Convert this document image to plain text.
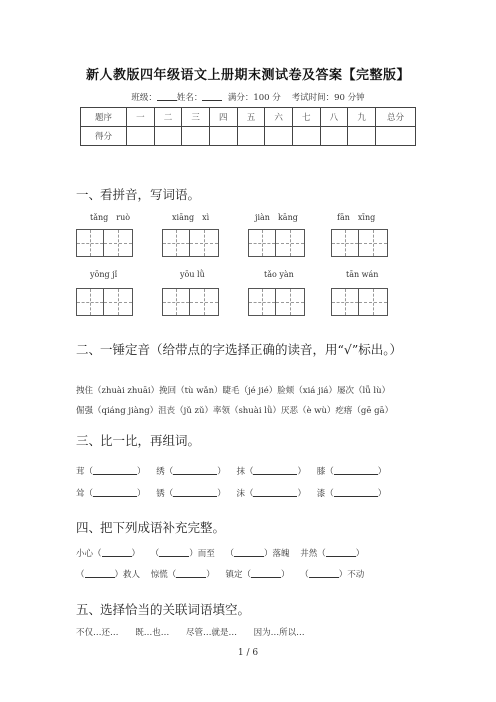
新人教版四年级语文上册期末测试卷及答案【完整版】
班级： 姓名：	满分：100 分 考试时间：90 分钟
题序	一	二	三	四	五	六	七	八	九	总分
得分										
一、看拼音，写词语。
tǎng　ruò	xiāng　xì	jiàn　kāng	fān　xīng
yōng jǐ	yōu lǜ	tǎo yàn	tān wán
二、一锤定音（给带点的字选择正确的读音，用“√”标出。）
拽住（zhuài zhuāi）挽回（tù wǎn）睫毛（jé jié）脸颊（xiá jiá）屡次（lǚ lù）
倔强（qiáng jiàng）沮丧（jǔ zǔ）率领（shuài lǜ）厌恶（è wù）疙瘩（gē gā）
三、比一比，再组词。
茸（	） 绣（	） 抹（	） 膝（	）
耸（	） 锈（	） 沫（	） 漆（	）
四、把下列成语补充完整。
小心（	） （	）而至 （	）落魄 井然（	）
（	）救人 惊慌（	） 镇定（	） （	）不动
五、选择恰当的关联词语填空。
不仅…还… 既…也… 尽管…就是… 因为…所以…
1 / 6
